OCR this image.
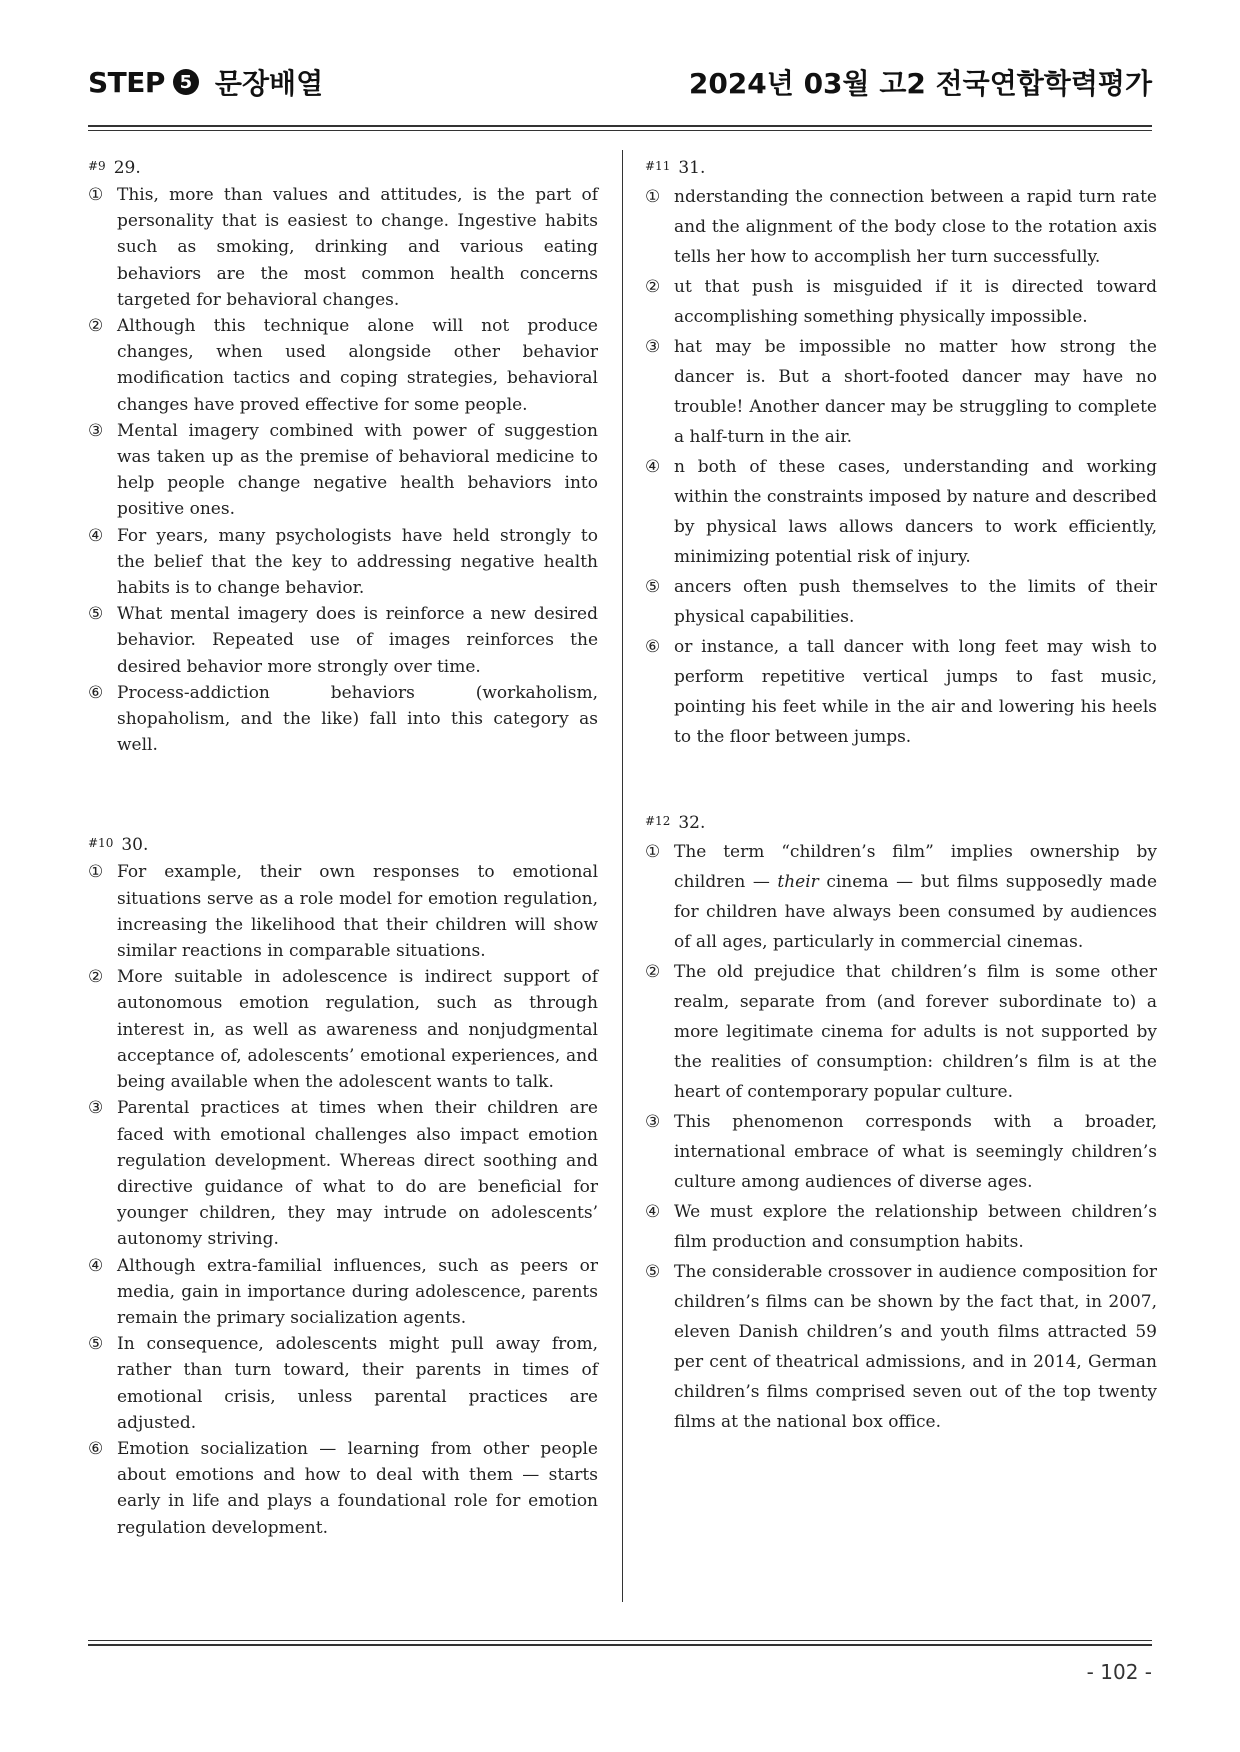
STEP 5 문장배열	2024년 03월 고2 전국연합학력평가
#9 29.

① This, more than values and attitudes, is the part of personality that is easiest to change. Ingestive habits such as smoking, drinking and various eating behaviors are the most common health concerns targeted for behavioral changes.

② Although this technique alone will not produce changes, when used alongside other behavior modification tactics and coping strategies, behavioral changes have proved effective for some people.

③ Mental imagery combined with power of suggestion was taken up as the premise of behavioral medicine to help people change negative health behaviors into positive ones.

④ For years, many psychologists have held strongly to the belief that the key to addressing negative health habits is to change behavior.

⑤ What mental imagery does is reinforce a new desired behavior. Repeated use of images reinforces the desired behavior more strongly over time.

⑥ Process-addiction behaviors (workaholism, shopaholism, and the like) fall into this category as well.

#10 30.

① For example, their own responses to emotional situations serve as a role model for emotion regulation, increasing the likelihood that their children will show similar reactions in comparable situations.

② More suitable in adolescence is indirect support of autonomous emotion regulation, such as through interest in, as well as awareness and nonjudgmental acceptance of, adolescents’ emotional experiences, and being available when the adolescent wants to talk.

③ Parental practices at times when their children are faced with emotional challenges also impact emotion regulation development. Whereas direct soothing and directive guidance of what to do are beneficial for younger children, they may intrude on adolescents’ autonomy striving.

④ Although extra-familial influences, such as peers or media, gain in importance during adolescence, parents remain the primary socialization agents.

⑤ In consequence, adolescents might pull away from, rather than turn toward, their parents in times of emotional crisis, unless parental practices are adjusted.

⑥ Emotion socialization — learning from other people about emotions and how to deal with them — starts early in life and plays a foundational role for emotion regulation development.

#11 31.

① nderstanding the connection between a rapid turn rate and the alignment of the body close to the rotation axis tells her how to accomplish her turn successfully.

② ut that push is misguided if it is directed toward accomplishing something physically impossible.

③ hat may be impossible no matter how strong the dancer is. But a short-footed dancer may have no trouble! Another dancer may be struggling to complete a half-turn in the air.

④ n both of these cases, understanding and working within the constraints imposed by nature and described by physical laws allows dancers to work efficiently, minimizing potential risk of injury.

⑤ ancers often push themselves to the limits of their physical capabilities.

⑥ or instance, a tall dancer with long feet may wish to perform repetitive vertical jumps to fast music, pointing his feet while in the air and lowering his heels to the floor between jumps.

#12 32.

① The term “children’s film” implies ownership by children — their cinema — but films supposedly made for children have always been consumed by audiences of all ages, particularly in commercial cinemas.

② The old prejudice that children’s film is some other realm, separate from (and forever subordinate to) a more legitimate cinema for adults is not supported by the realities of consumption: children’s film is at the heart of contemporary popular culture.

③ This phenomenon corresponds with a broader, international embrace of what is seemingly children’s culture among audiences of diverse ages.

④ We must explore the relationship between children’s film production and consumption habits.

⑤ The considerable crossover in audience composition for children’s films can be shown by the fact that, in 2007, eleven Danish children’s and youth films attracted 59 per cent of theatrical admissions, and in 2014, German children’s films comprised seven out of the top twenty films at the national box office.

- 102 -
